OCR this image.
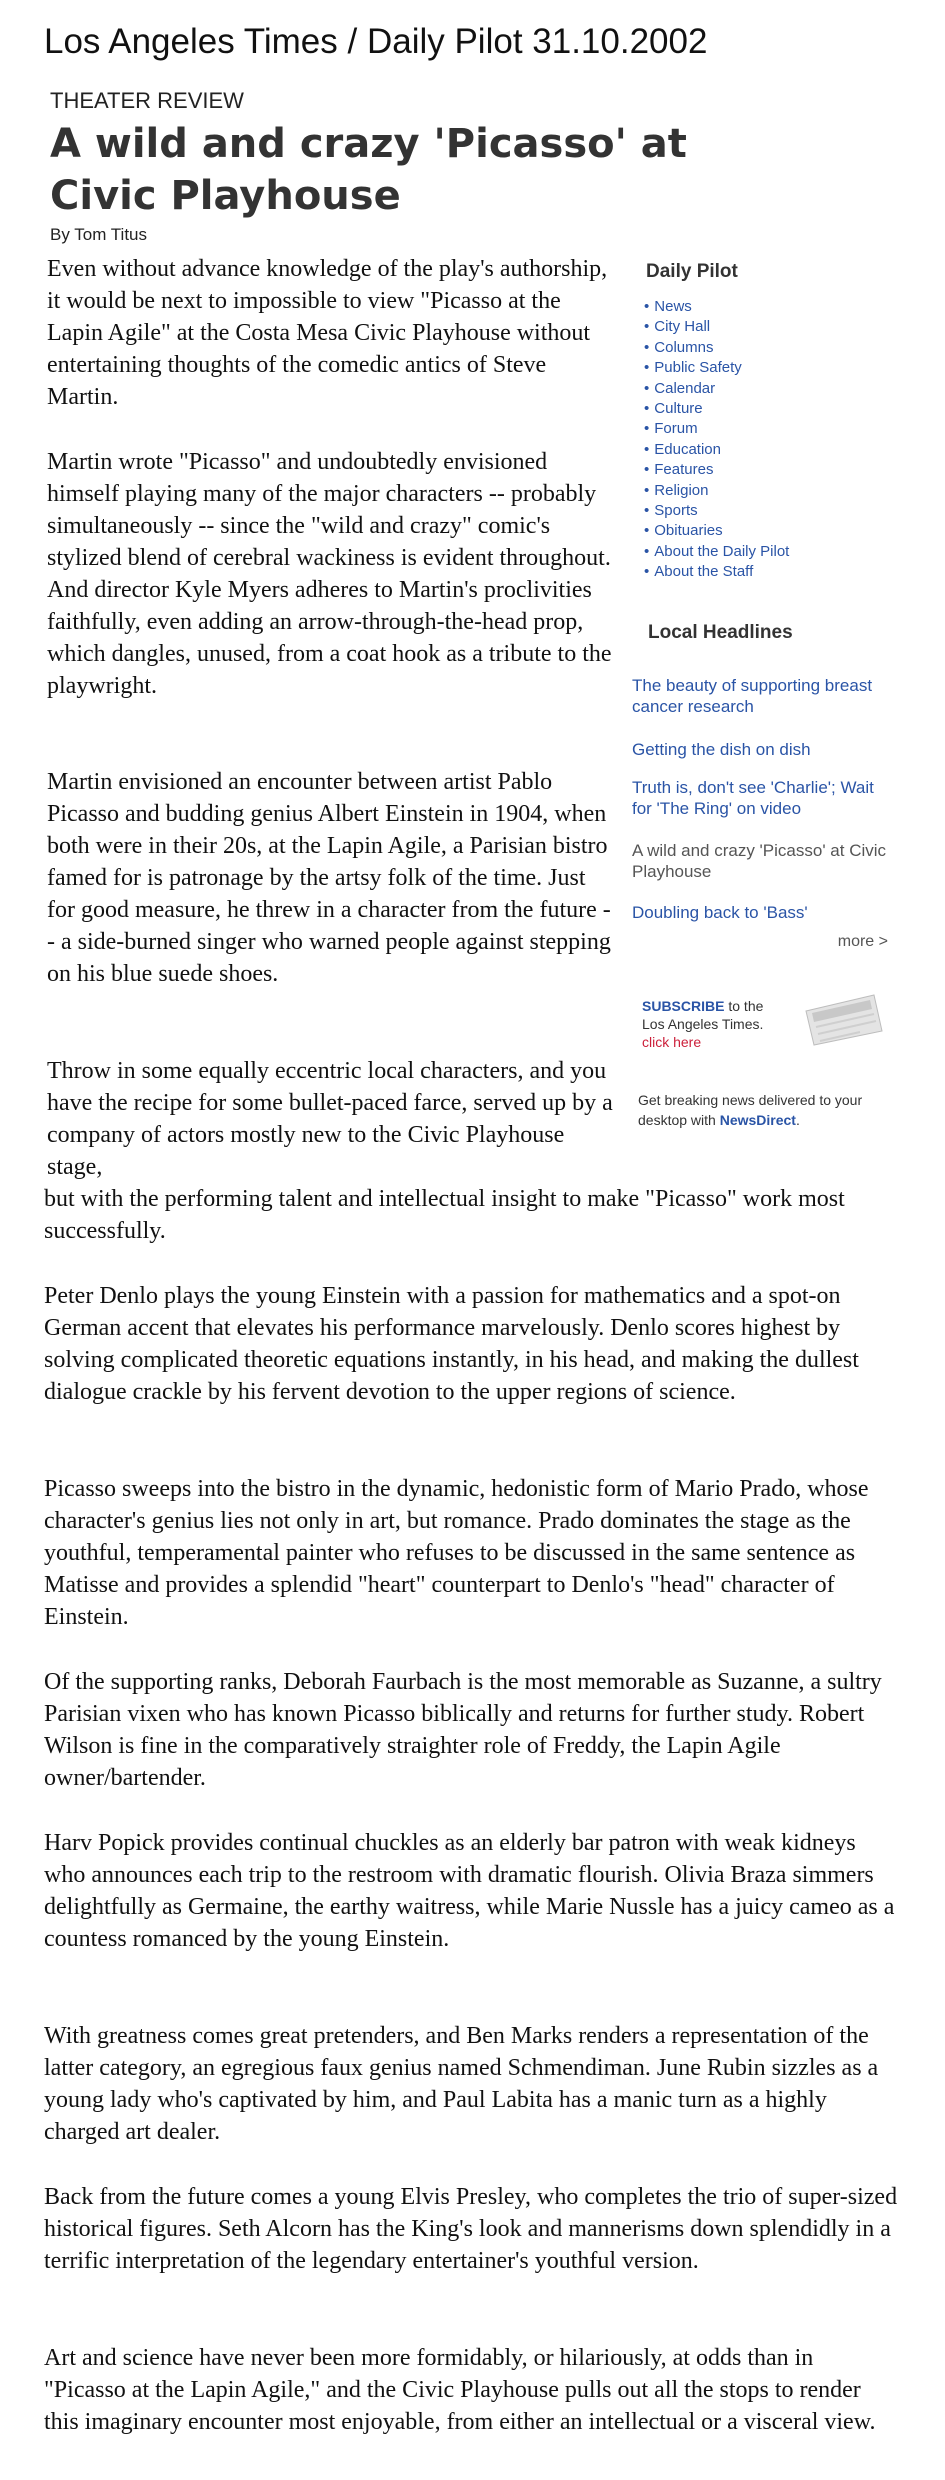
Los Angeles Times / Daily Pilot 31.10.2002
THEATER REVIEW
A wild and crazy 'Picasso' at Civic Playhouse
By Tom Titus

Even without advance knowledge of the play's authorship, it would be next to impossible to view "Picasso at the Lapin Agile" at the Costa Mesa Civic Playhouse without entertaining thoughts of the comedic antics of Steve Martin.

Martin wrote "Picasso" and undoubtedly envisioned himself playing many of the major characters -- probably simultaneously -- since the "wild and crazy" comic's stylized blend of cerebral wackiness is evident throughout. And director Kyle Myers adheres to Martin's proclivities faithfully, even adding an arrow-through-the-head prop, which dangles, unused, from a coat hook as a tribute to the playwright.

Martin envisioned an encounter between artist Pablo Picasso and budding genius Albert Einstein in 1904, when both were in their 20s, at the Lapin Agile, a Parisian bistro famed for is patronage by the artsy folk of the time. Just for good measure, he threw in a character from the future -- a side-burned singer who warned people against stepping on his blue suede shoes.

Throw in some equally eccentric local characters, and you have the recipe for some bullet-paced farce, served up by a company of actors mostly new to the Civic Playhouse stage,

but with the performing talent and intellectual insight to make "Picasso" work most successfully.

Peter Denlo plays the young Einstein with a passion for mathematics and a spot-on German accent that elevates his performance marvelously. Denlo scores highest by solving complicated theoretic equations instantly, in his head, and making the dullest dialogue crackle by his fervent devotion to the upper regions of science.

Picasso sweeps into the bistro in the dynamic, hedonistic form of Mario Prado, whose character's genius lies not only in art, but romance. Prado dominates the stage as the youthful, temperamental painter who refuses to be discussed in the same sentence as Matisse and provides a splendid "heart" counterpart to Denlo's "head" character of Einstein.

Of the supporting ranks, Deborah Faurbach is the most memorable as Suzanne, a sultry Parisian vixen who has known Picasso biblically and returns for further study. Robert Wilson is fine in the comparatively straighter role of Freddy, the Lapin Agile owner/bartender.

Harv Popick provides continual chuckles as an elderly bar patron with weak kidneys who announces each trip to the restroom with dramatic flourish. Olivia Braza simmers delightfully as Germaine, the earthy waitress, while Marie Nussle has a juicy cameo as a countess romanced by the young Einstein.

With greatness comes great pretenders, and Ben Marks renders a representation of the latter category, an egregious faux genius named Schmendiman. June Rubin sizzles as a young lady who's captivated by him, and Paul Labita has a manic turn as a highly charged art dealer.

Back from the future comes a young Elvis Presley, who completes the trio of super-sized historical figures. Seth Alcorn has the King's look and mannerisms down splendidly in a terrific interpretation of the legendary entertainer's youthful version.

Art and science have never been more formidably, or hilariously, at odds than in "Picasso at the Lapin Agile," and the Civic Playhouse pulls out all the stops to render this imaginary encounter most enjoyable, from either an intellectual or a visceral view.

Daily Pilot
• News
• City Hall
• Columns
• Public Safety
• Calendar
• Culture
• Forum
• Education
• Features
• Religion
• Sports
• Obituaries
• About the Daily Pilot
• About the Staff
Local Headlines
The beauty of supporting breast cancer research
Getting the dish on dish
Truth is, don't see 'Charlie'; Wait for 'The Ring' on video
A wild and crazy 'Picasso' at Civic Playhouse
Doubling back to 'Bass'
more >
SUBSCRIBE to the
Los Angeles Times.
click here
Get breaking news delivered to your desktop with NewsDirect.
